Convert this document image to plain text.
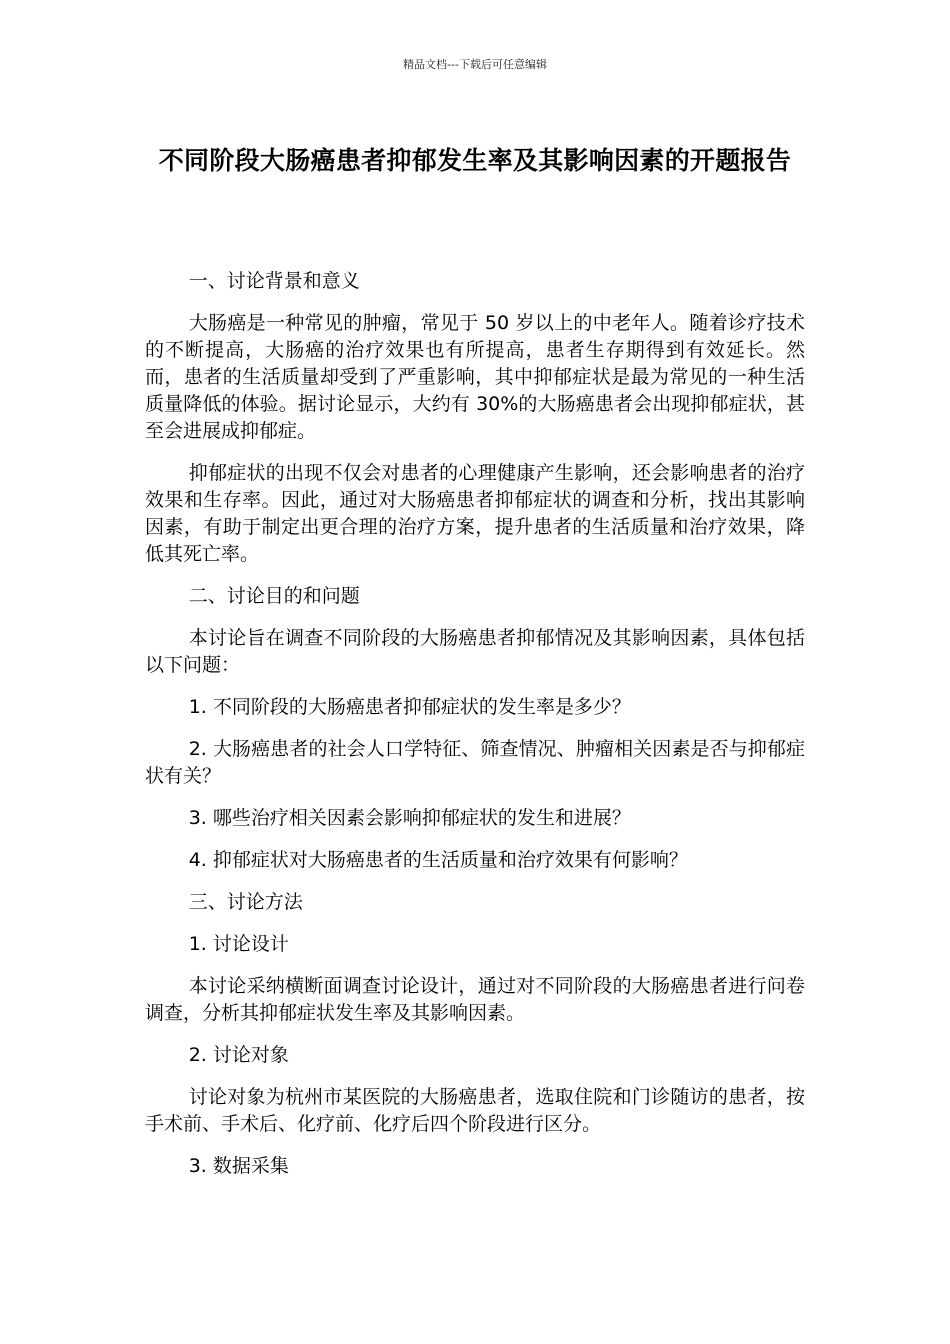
精品文档---下载后可任意编辑
不同阶段大肠癌患者抑郁发生率及其影响因素的开题报告

一、讨论背景和意义

大肠癌是一种常见的肿瘤，常见于 50 岁以上的中老年人。随着诊疗技术的不断提高，大肠癌的治疗效果也有所提高，患者生存期得到有效延长。然而，患者的生活质量却受到了严重影响，其中抑郁症状是最为常见的一种生活质量降低的体验。据讨论显示，大约有 30%的大肠癌患者会出现抑郁症状，甚至会进展成抑郁症。

抑郁症状的出现不仅会对患者的心理健康产生影响，还会影响患者的治疗效果和生存率。因此，通过对大肠癌患者抑郁症状的调查和分析，找出其影响因素，有助于制定出更合理的治疗方案，提升患者的生活质量和治疗效果，降低其死亡率。

二、讨论目的和问题

本讨论旨在调查不同阶段的大肠癌患者抑郁情况及其影响因素，具体包括以下问题：

1. 不同阶段的大肠癌患者抑郁症状的发生率是多少？

2. 大肠癌患者的社会人口学特征、筛查情况、肿瘤相关因素是否与抑郁症状有关？

3. 哪些治疗相关因素会影响抑郁症状的发生和进展？

4. 抑郁症状对大肠癌患者的生活质量和治疗效果有何影响？

三、讨论方法

1. 讨论设计

本讨论采纳横断面调查讨论设计，通过对不同阶段的大肠癌患者进行问卷调查，分析其抑郁症状发生率及其影响因素。

2. 讨论对象

讨论对象为杭州市某医院的大肠癌患者，选取住院和门诊随访的患者，按手术前、手术后、化疗前、化疗后四个阶段进行区分。

3. 数据采集
